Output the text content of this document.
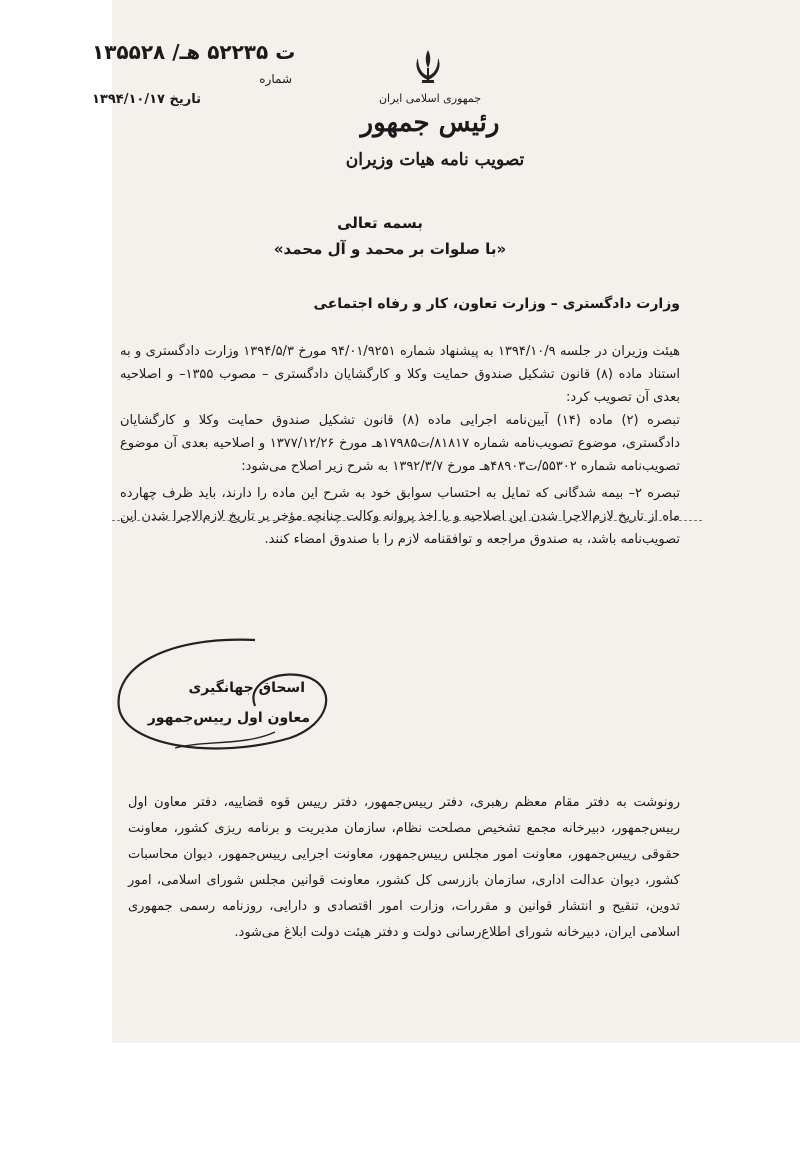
۱۳۵۵۲۸ /ت ۵۲۲۳۵ هـ
شماره
تاریخ ۱۳۹۴/۱۰/۱۷	جمهوری اسلامی ایران
رئیس جمهور
تصویب نامه هیات وزیران
بسمه تعالی
«با صلوات بر محمد و آل محمد»
وزارت دادگستری – وزارت تعاون، کار و رفاه اجتماعی

هیئت وزیران در جلسه ۱۳۹۴/۱۰/۹ به پیشنهاد شماره ۹۴/۰۱/۹۲۵۱ مورخ ۱۳۹۴/۵/۳ وزارت دادگستری و به استناد ماده (۸) قانون تشکیل صندوق حمایت وکلا و کارگشایان دادگستری – مصوب ۱۳۵۵– و اصلاحیه بعدی آن تصویب کرد:

تبصره (۲) ماده (۱۴) آیین‌نامه اجرایی ماده (۸) قانون تشکیل صندوق حمایت وکلا و کارگشایان دادگستری، موضوع تصویب‌نامه شماره ۸۱۸۱۷/ت۱۷۹۸۵هـ مورخ ۱۳۷۷/۱۲/۲۶ و اصلاحیه بعدی آن موضوع تصویب‌نامه شماره ۵۵۳۰۲/ت۴۸۹۰۳هـ مورخ ۱۳۹۲/۳/۷ به شرح زیر اصلاح می‌شود:

تبصره ۲– بیمه شدگانی که تمایل به احتساب سوابق خود به شرح این ماده را دارند، باید ظرف چهارده ماه از تاریخ لازم‌الاجرا شدن این اصلاحیه و یا اخذ پروانه وکالت چنانچه مؤخر بر تاریخ لازم‌الاجرا شدن این تصویب‌نامه باشد، به صندوق مراجعه و توافقنامه لازم را با صندوق امضاء کنند.

اسحاق جهانگیری
معاون اول رییس‌جمهور
رونوشت به دفتر مقام معظم رهبری، دفتر رییس‌جمهور، دفتر رییس قوه قضاییه، دفتر معاون اول رییس‌جمهور، دبیرخانه مجمع تشخیص مصلحت نظام، سازمان مدیریت و برنامه ریزی کشور، معاونت حقوقی رییس‌جمهور، معاونت امور مجلس رییس‌جمهور، معاونت اجرایی رییس‌جمهور، دیوان محاسبات کشور، دیوان عدالت اداری، سازمان بازرسی کل کشور، معاونت قوانین مجلس شورای اسلامی، امور تدوین، تنقیح و انتشار قوانین و مقررات، وزارت امور اقتصادی و دارایی، روزنامه رسمی جمهوری اسلامی ایران، دبیرخانه شورای اطلاع‌رسانی دولت و دفتر هیئت دولت ابلاغ می‌شود.
